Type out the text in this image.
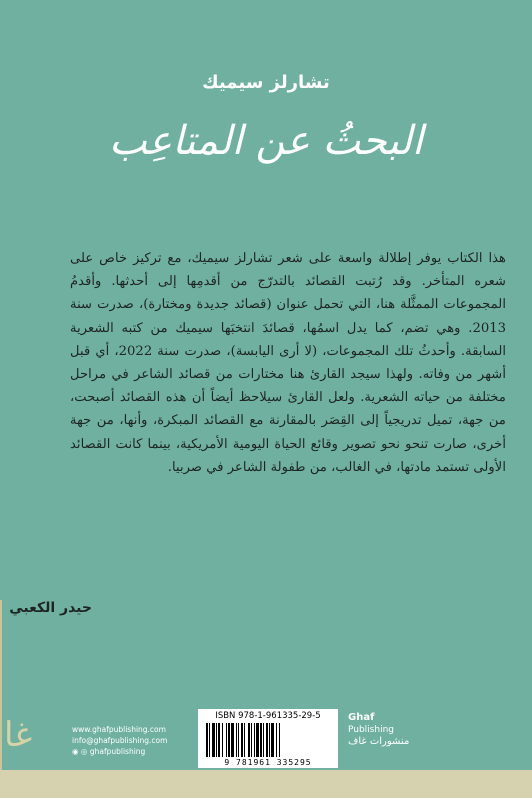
تشارلز سيميك
البحثُ عن المتاعِب

هذا الكتاب يوفر إطلالة واسعة على شعر تشارلز سيميك، مع تركيز خاص على شعره المتأخر. وقد رُتبت القصائد بالتدرّج من أقدمِها إلى أحدثها. وأقدمُ المجموعات الممثَّلة هنا، التي تحمل عنوان (قصائد جديدة ومختارة)، صدرت سنة 2013. وهي تضم، كما يدل اسمُها، قصائدَ انتخبَها سيميك من كتبه الشعرية السابقة. وأحدثُ تلك المجموعات، (لا أرى اليابسة)، صدرت سنة 2022، أي قبل أشهر من وفاته. ولهذا سيجد القارئ هنا مختارات من قصائد الشاعر في مراحل مختلفة من حياته الشعرية. ولعل القارئ سيلاحظ أيضاً أن هذه القصائد أصبحت، من جهة، تميل تدريجياً إلى القِصَر بالمقارنة مع القصائد المبكرة، وأنها، من جهة أخرى، صارت تنحو نحو تصوير وقائع الحياة اليومية الأمريكية، بينما كانت القصائد الأولى تستمد مادتها، في الغالب، من طفولة الشاعر في صربيا.

حيدر الكعبي
غا	www.ghafpublishing.com
info@ghafpublishing.com
◉ ◎ ghafpublishing
ISBN 978-1-961335-29-5
9 781961 335295
Ghaf
Publishing
منشورات غاف
